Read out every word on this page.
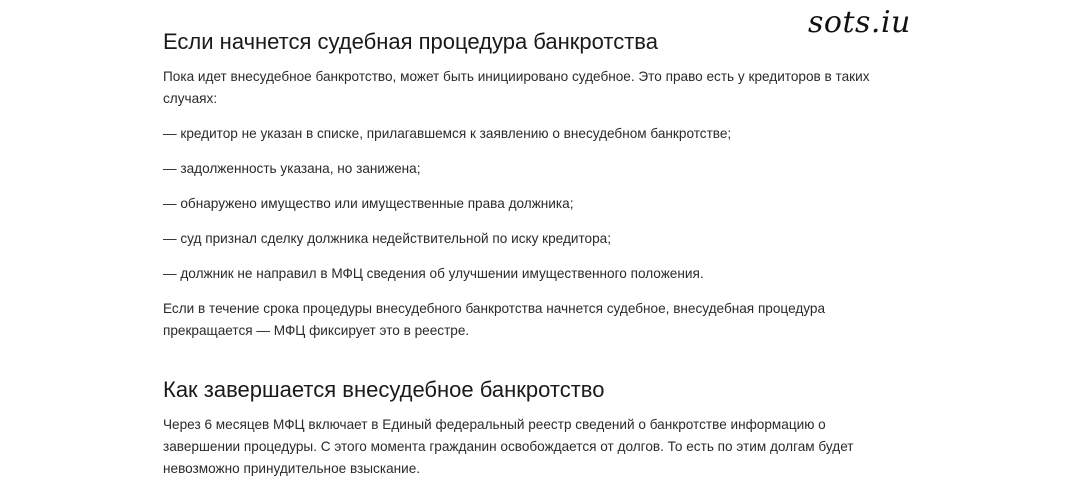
sots.iu
Если начнется судебная процедура банкротства

Пока идет внесудебное банкротство, может быть инициировано судебное. Это право есть у кредиторов в таких случаях:

— кредитор не указан в списке, прилагавшемся к заявлению о внесудебном банкротстве;

— задолженность указана, но занижена;

— обнаружено имущество или имущественные права должника;

— суд признал сделку должника недействительной по иску кредитора;

— должник не направил в МФЦ сведения об улучшении имущественного положения.

Если в течение срока процедуры внесудебного банкротства начнется судебное, внесудебная процедура прекращается — МФЦ фиксирует это в реестре.

Как завершается внесудебное банкротство

Через 6 месяцев МФЦ включает в Единый федеральный реестр сведений о банкротстве информацию о завершении процедуры. С этого момента гражданин освобождается от долгов. То есть по этим долгам будет невозможно принудительное взыскание.
